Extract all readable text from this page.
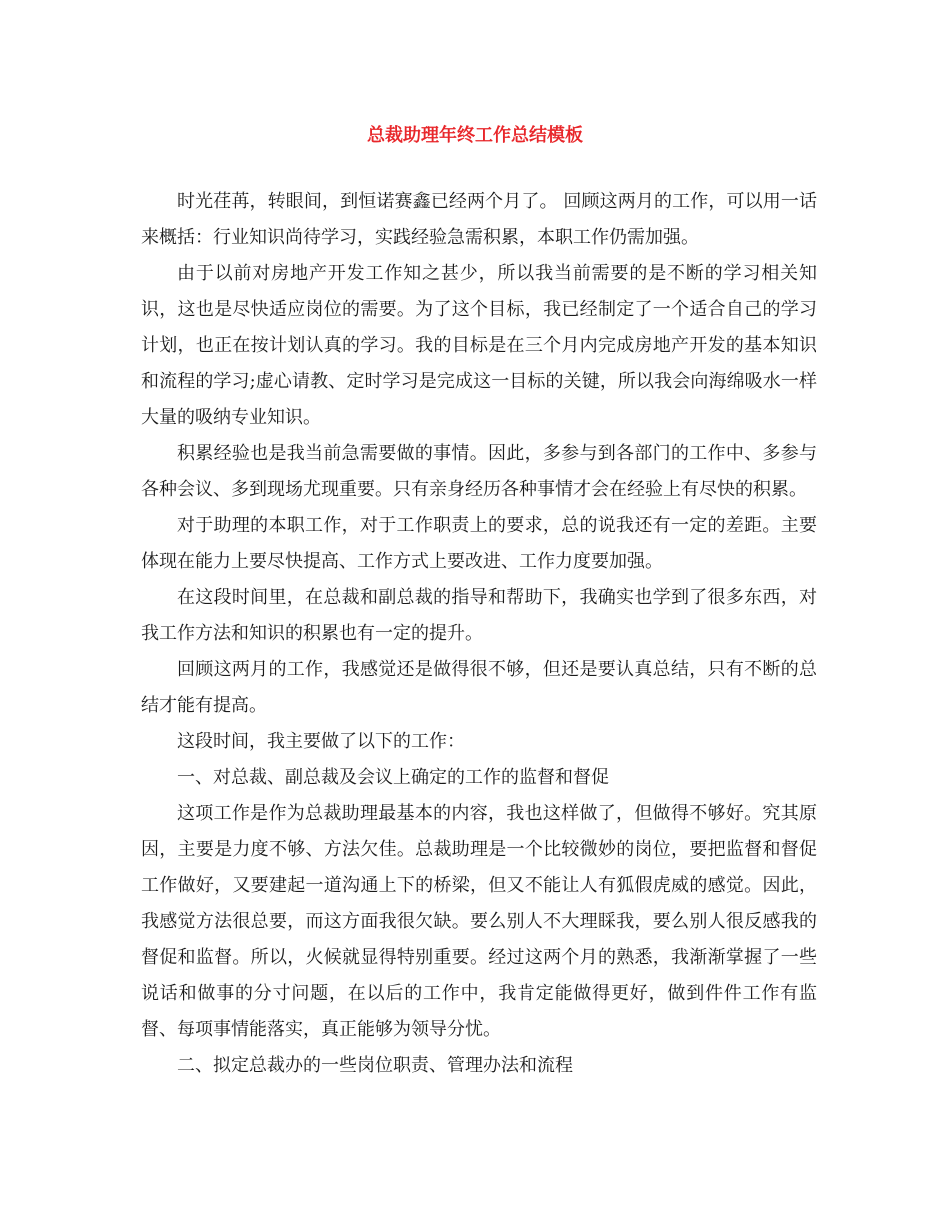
总裁助理年终工作总结模板

时光荏苒，转眼间，到恒诺赛鑫已经两个月了。 回顾这两月的工作，可以用一话来概括：行业知识尚待学习，实践经验急需积累，本职工作仍需加强。

由于以前对房地产开发工作知之甚少，所以我当前需要的是不断的学习相关知识，这也是尽快适应岗位的需要。为了这个目标，我已经制定了一个适合自己的学习计划，也正在按计划认真的学习。我的目标是在三个月内完成房地产开发的基本知识和流程的学习;虚心请教、定时学习是完成这一目标的关键，所以我会向海绵吸水一样大量的吸纳专业知识。

积累经验也是我当前急需要做的事情。因此，多参与到各部门的工作中、多参与各种会议、多到现场尤现重要。只有亲身经历各种事情才会在经验上有尽快的积累。

对于助理的本职工作，对于工作职责上的要求，总的说我还有一定的差距。主要体现在能力上要尽快提高、工作方式上要改进、工作力度要加强。

在这段时间里，在总裁和副总裁的指导和帮助下，我确实也学到了很多东西，对我工作方法和知识的积累也有一定的提升。

回顾这两月的工作，我感觉还是做得很不够，但还是要认真总结，只有不断的总结才能有提高。

这段时间，我主要做了以下的工作：

一、对总裁、副总裁及会议上确定的工作的监督和督促

这项工作是作为总裁助理最基本的内容，我也这样做了，但做得不够好。究其原因，主要是力度不够、方法欠佳。总裁助理是一个比较微妙的岗位，要把监督和督促工作做好，又要建起一道沟通上下的桥梁，但又不能让人有狐假虎威的感觉。因此，我感觉方法很总要，而这方面我很欠缺。要么别人不大理睬我，要么别人很反感我的督促和监督。所以，火候就显得特别重要。经过这两个月的熟悉，我渐渐掌握了一些说话和做事的分寸问题，在以后的工作中，我肯定能做得更好，做到件件工作有监督、每项事情能落实，真正能够为领导分忧。

二、拟定总裁办的一些岗位职责、管理办法和流程
